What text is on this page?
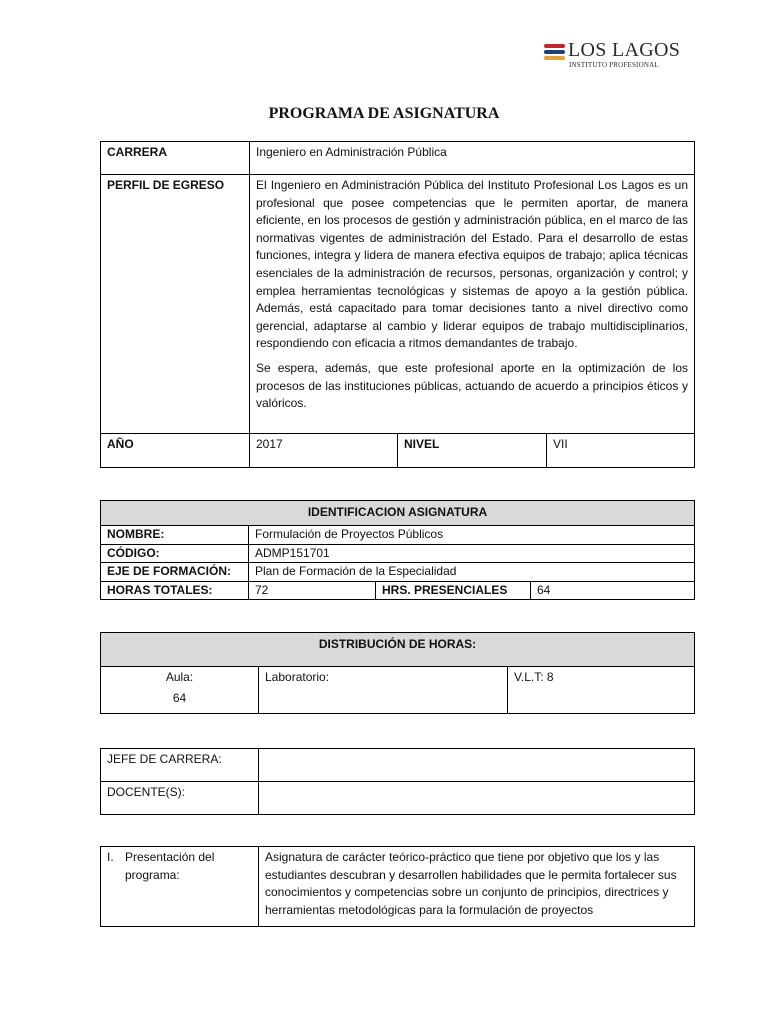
LOS LAGOS
INSTITUTO PROFESIONAL
PROGRAMA DE ASIGNATURA
CARRERA	Ingeniero en Administración Pública		
PERFIL DE EGRESO	El Ingeniero en Administración Pública del Instituto Profesional Los Lagos es un profesional que posee competencias que le permiten aportar, de manera eficiente, en los procesos de gestión y administración pública, en el marco de las normativas vigentes de administración del Estado. Para el desarrollo de estas funciones, integra y lidera de manera efectiva equipos de trabajo; aplica técnicas esenciales de la administración de recursos, personas, organización y control; y emplea herramientas tecnológicas y sistemas de apoyo a la gestión pública. Además, está capacitado para tomar decisiones tanto a nivel directivo como gerencial, adaptarse al cambio y liderar equipos de trabajo multidisciplinarios, respondiendo con eficacia a ritmos demandantes de trabajo.

Se espera, además, que este profesional aporte en la optimización de los procesos de las instituciones públicas, actuando de acuerdo a principios éticos y valóricos.		

AÑO	2017	NIVEL	VII
IDENTIFICACION ASIGNATURA			
NOMBRE:	Formulación de Proyectos Públicos		
CÓDIGO:	ADMP151701		
EJE DE FORMACIÓN:	Plan de Formación de la Especialidad		
HORAS TOTALES:	72	HRS. PRESENCIALES	64
DISTRIBUCIÓN DE HORAS:

Aula:
64
	Laboratorio:	V.L.T: 8
JEFE DE CARRERA:	
DOCENTE(S):	
I. Presentación del
programa:
	Asignatura de carácter teórico-práctico que tiene por objetivo que los y las estudiantes descubran y desarrollen habilidades que le permita fortalecer sus conocimientos y competencias sobre un conjunto de principios, directrices y herramientas metodológicas para la formulación de proyectos
